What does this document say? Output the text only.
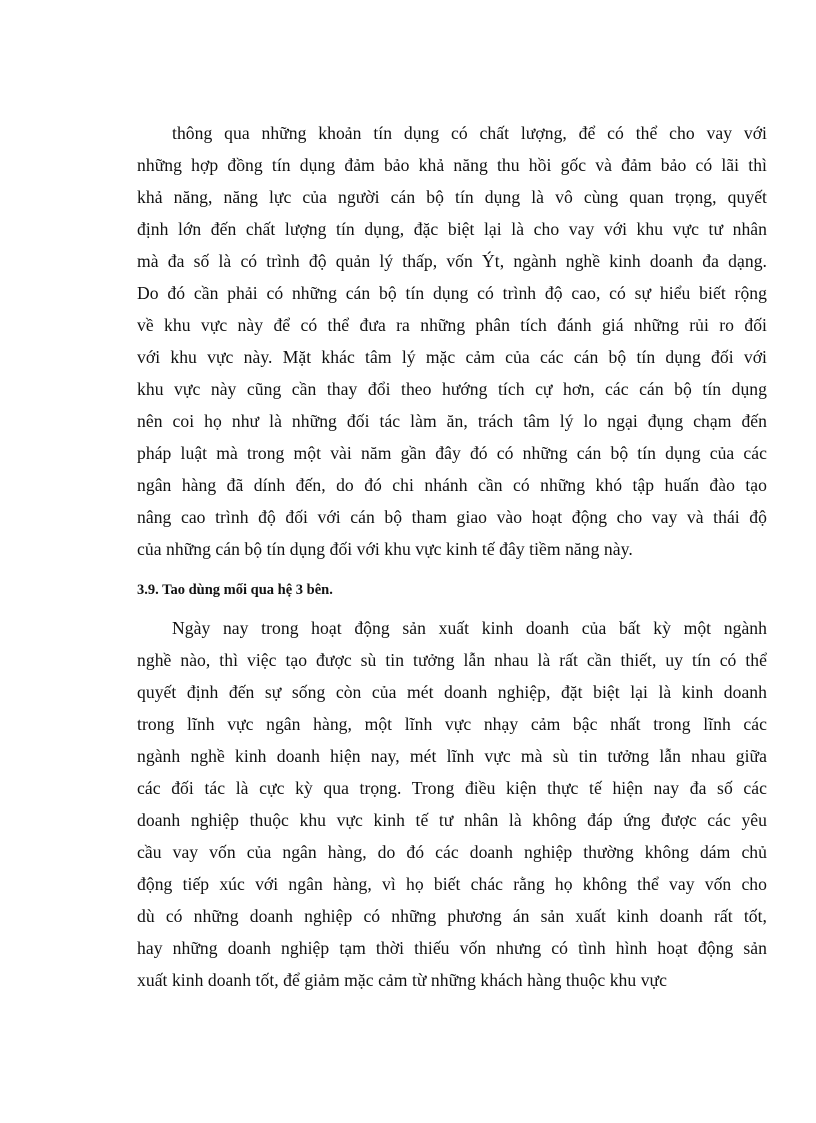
thông qua những khoản tín dụng có chất lượng, để có thể cho vay với
những hợp đồng tín dụng đảm bảo khả năng thu hồi gốc và đảm bảo có lãi thì
khả năng, năng lực của người cán bộ tín dụng là vô cùng quan trọng, quyết
định lớn đến chất lượng tín dụng, đặc biệt lại là cho vay với khu vực tư nhân
mà đa số là có trình độ quản lý thấp, vốn Ýt, ngành nghề kinh doanh đa dạng.
Do đó cần phải có những cán bộ tín dụng có trình độ cao, có sự hiểu biết rộng
về khu vực này để có thể đưa ra những phân tích đánh giá những rủi ro đối
với khu vực này. Mặt khác tâm lý mặc cảm của các cán bộ tín dụng đối với
khu vực này cũng cần thay đổi theo hướng tích cự hơn, các cán bộ tín dụng
nên coi họ như là những đối tác làm ăn, trách tâm lý lo ngại đụng chạm đến
pháp luật mà trong một vài năm gần đây đó có những cán bộ tín dụng của các
ngân hàng đã dính đến, do đó chi nhánh cần có những khó tập huấn đào tạo
nâng cao trình độ đối với cán bộ tham giao vào hoạt động cho vay và thái độ
của những cán bộ tín dụng đối với khu vực kinh tế đây tiềm năng này.
3.9. Tao dùng mối qua hệ 3 bên.
Ngày nay trong hoạt động sản xuất kinh doanh của bất kỳ một ngành
nghề nào, thì việc tạo được sù tin tưởng lẫn nhau là rất cần thiết, uy tín có thể
quyết định đến sự sống còn của mét doanh nghiệp, đặt biệt lại là kinh doanh
trong lĩnh vực ngân hàng, một lĩnh vực nhạy cảm bậc nhất trong lĩnh các
ngành nghề kinh doanh hiện nay, mét lĩnh vực mà sù tin tưởng lẫn nhau giữa
các đối tác là cực kỳ qua trọng. Trong điều kiện thực tế hiện nay đa số các
doanh nghiệp thuộc khu vực kinh tế tư nhân là không đáp ứng được các yêu
cầu vay vốn của ngân hàng, do đó các doanh nghiệp thường không dám chủ
động tiếp xúc với ngân hàng, vì họ biết chác rằng họ không thể vay vốn cho
dù có những doanh nghiệp có những phương án sản xuất kinh doanh rất tốt,
hay những doanh nghiệp tạm thời thiếu vốn nhưng có tình hình hoạt động sản
xuất kinh doanh tốt, để giảm mặc cảm từ những khách hàng thuộc khu vực
